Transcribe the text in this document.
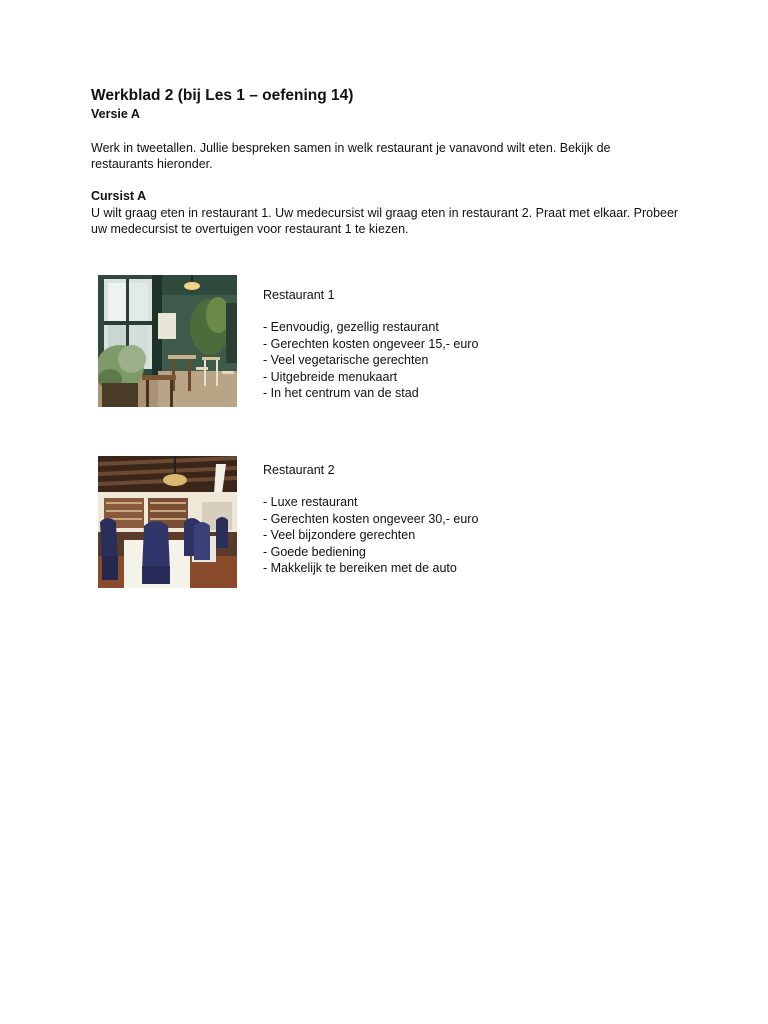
Werkblad 2 (bij Les 1 – oefening 14)
Versie A

Werk in tweetallen. Jullie bespreken samen in welk restaurant je vanavond wilt eten. Bekijk de restaurants hieronder.

Cursist A

U wilt graag eten in restaurant 1. Uw medecursist wil graag eten in restaurant 2. Praat met elkaar. Probeer uw medecursist te overtuigen voor restaurant 1 te kiezen.

Restaurant 1

- Eenvoudig, gezellig restaurant
- Gerechten kosten ongeveer 15,- euro
- Veel vegetarische gerechten
- Uitgebreide menukaart
- In het centrum van de stad

Restaurant 2

- Luxe restaurant
- Gerechten kosten ongeveer 30,- euro
- Veel bijzondere gerechten
- Goede bediening
- Makkelijk te bereiken met de auto
